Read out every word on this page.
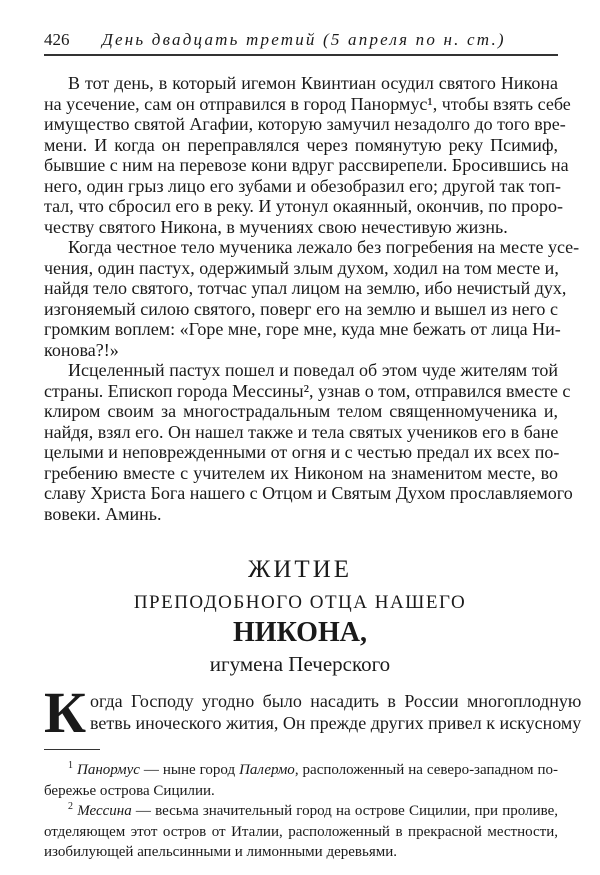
426 День двадцать третий (5 апреля по н. ст.)
В тот день, в который игемон Квинтиан осудил святого Никона
на усечение, сам он отправился в город Панормус¹, чтобы взять себе
имущество святой Агафии, которую замучил незадолго до того вре-
мени. И когда он переправлялся через помянутую реку Псимиф,
бывшие с ним на перевозе кони вдруг рассвирепели. Бросившись на
него, один грыз лицо его зубами и обезобразил его; другой так топ-
тал, что сбросил его в реку. И утонул окаянный, окончив, по проро-
честву святого Никона, в мучениях свою нечестивую жизнь.
Когда честное тело мученика лежало без погребения на месте усе-
чения, один пастух, одержимый злым духом, ходил на том месте и,
найдя тело святого, тотчас упал лицом на землю, ибо нечистый дух,
изгоняемый силою святого, поверг его на землю и вышел из него с
громким воплем: «Горе мне, горе мне, куда мне бежать от лица Ни-
конова?!»
Исцеленный пастух пошел и поведал об этом чуде жителям той
страны. Епископ города Мессины², узнав о том, отправился вместе с
клиром своим за многострадальным телом священномученика и,
найдя, взял его. Он нашел также и тела святых учеников его в бане
целыми и неповрежденными от огня и с честью предал их всех по-
гребению вместе с учителем их Никоном на знаменитом месте, во
славу Христа Бога нашего с Отцом и Святым Духом прославляемого
вовеки. Аминь.
ЖИТИЕ
ПРЕПОДОБНОГО ОТЦА НАШЕГО
НИКОНА,
игумена Печерского
К огда Господу угодно было насадить в России многоплодную
ветвь иноческого жития, Он прежде других привел к искусному
$^1$ Панормус — ныне город Палермо, расположенный на северо-западном по-
бережье острова Сицилии.
$^2$ Мессина — весьма значительный город на острове Сицилии, при проливе,
отделяющем этот остров от Италии, расположенный в прекрасной местности,
изобилующей апельсинными и лимонными деревьями.
